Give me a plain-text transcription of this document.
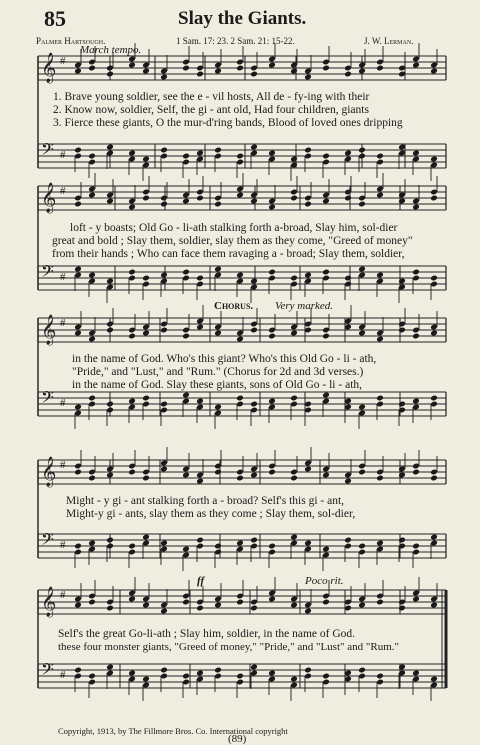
85	Slay the Giants.
Palmer Hartsough.	1 Sam. 17: 23. 2 Sam. 21: 15-22.	J. W. Lerman.
March tempo.
𝄞 #
𝄢 #
𝄞 #
𝄢 #
𝄞 #
𝄢 #
𝄞 #
𝄢 #
𝄞 #
𝄢 #
1. Brave young soldier, see the e - vil hosts, All de - fy-ing with their
2. Know now, soldier, Self, the gi - ant old, Had four children, giants
3. Fierce these giants, O the mur-d'ring bands, Blood of loved ones dripping
loft - y boasts; Old Go - li-ath stalking forth a-broad, Slay him, sol-dier
great and bold ; Slay them, soldier, slay them as they come, "Greed of money"
from their hands ; Who can face them ravaging a - broad; Slay them, soldier,
Chorus. Very marked.
in the name of God. Who's this giant? Who's this Old Go - li - ath,
"Pride," and "Lust," and "Rum." (Chorus for 2d and 3d verses.)
in the name of God. Slay these giants, sons of Old Go - li - ath,
Might - y gi - ant stalking forth a - broad? Self's this gi - ant,
Might-y gi - ants, slay them as they come ; Slay them, sol-dier,
ff	Poco rit.
Self's the great Go-li-ath ; Slay him, soldier, in the name of God.
these four monster giants, "Greed of money," "Pride," and "Lust" and "Rum."
Copyright, 1913, by The Fillmore Bros. Co. International copyright
(89)
